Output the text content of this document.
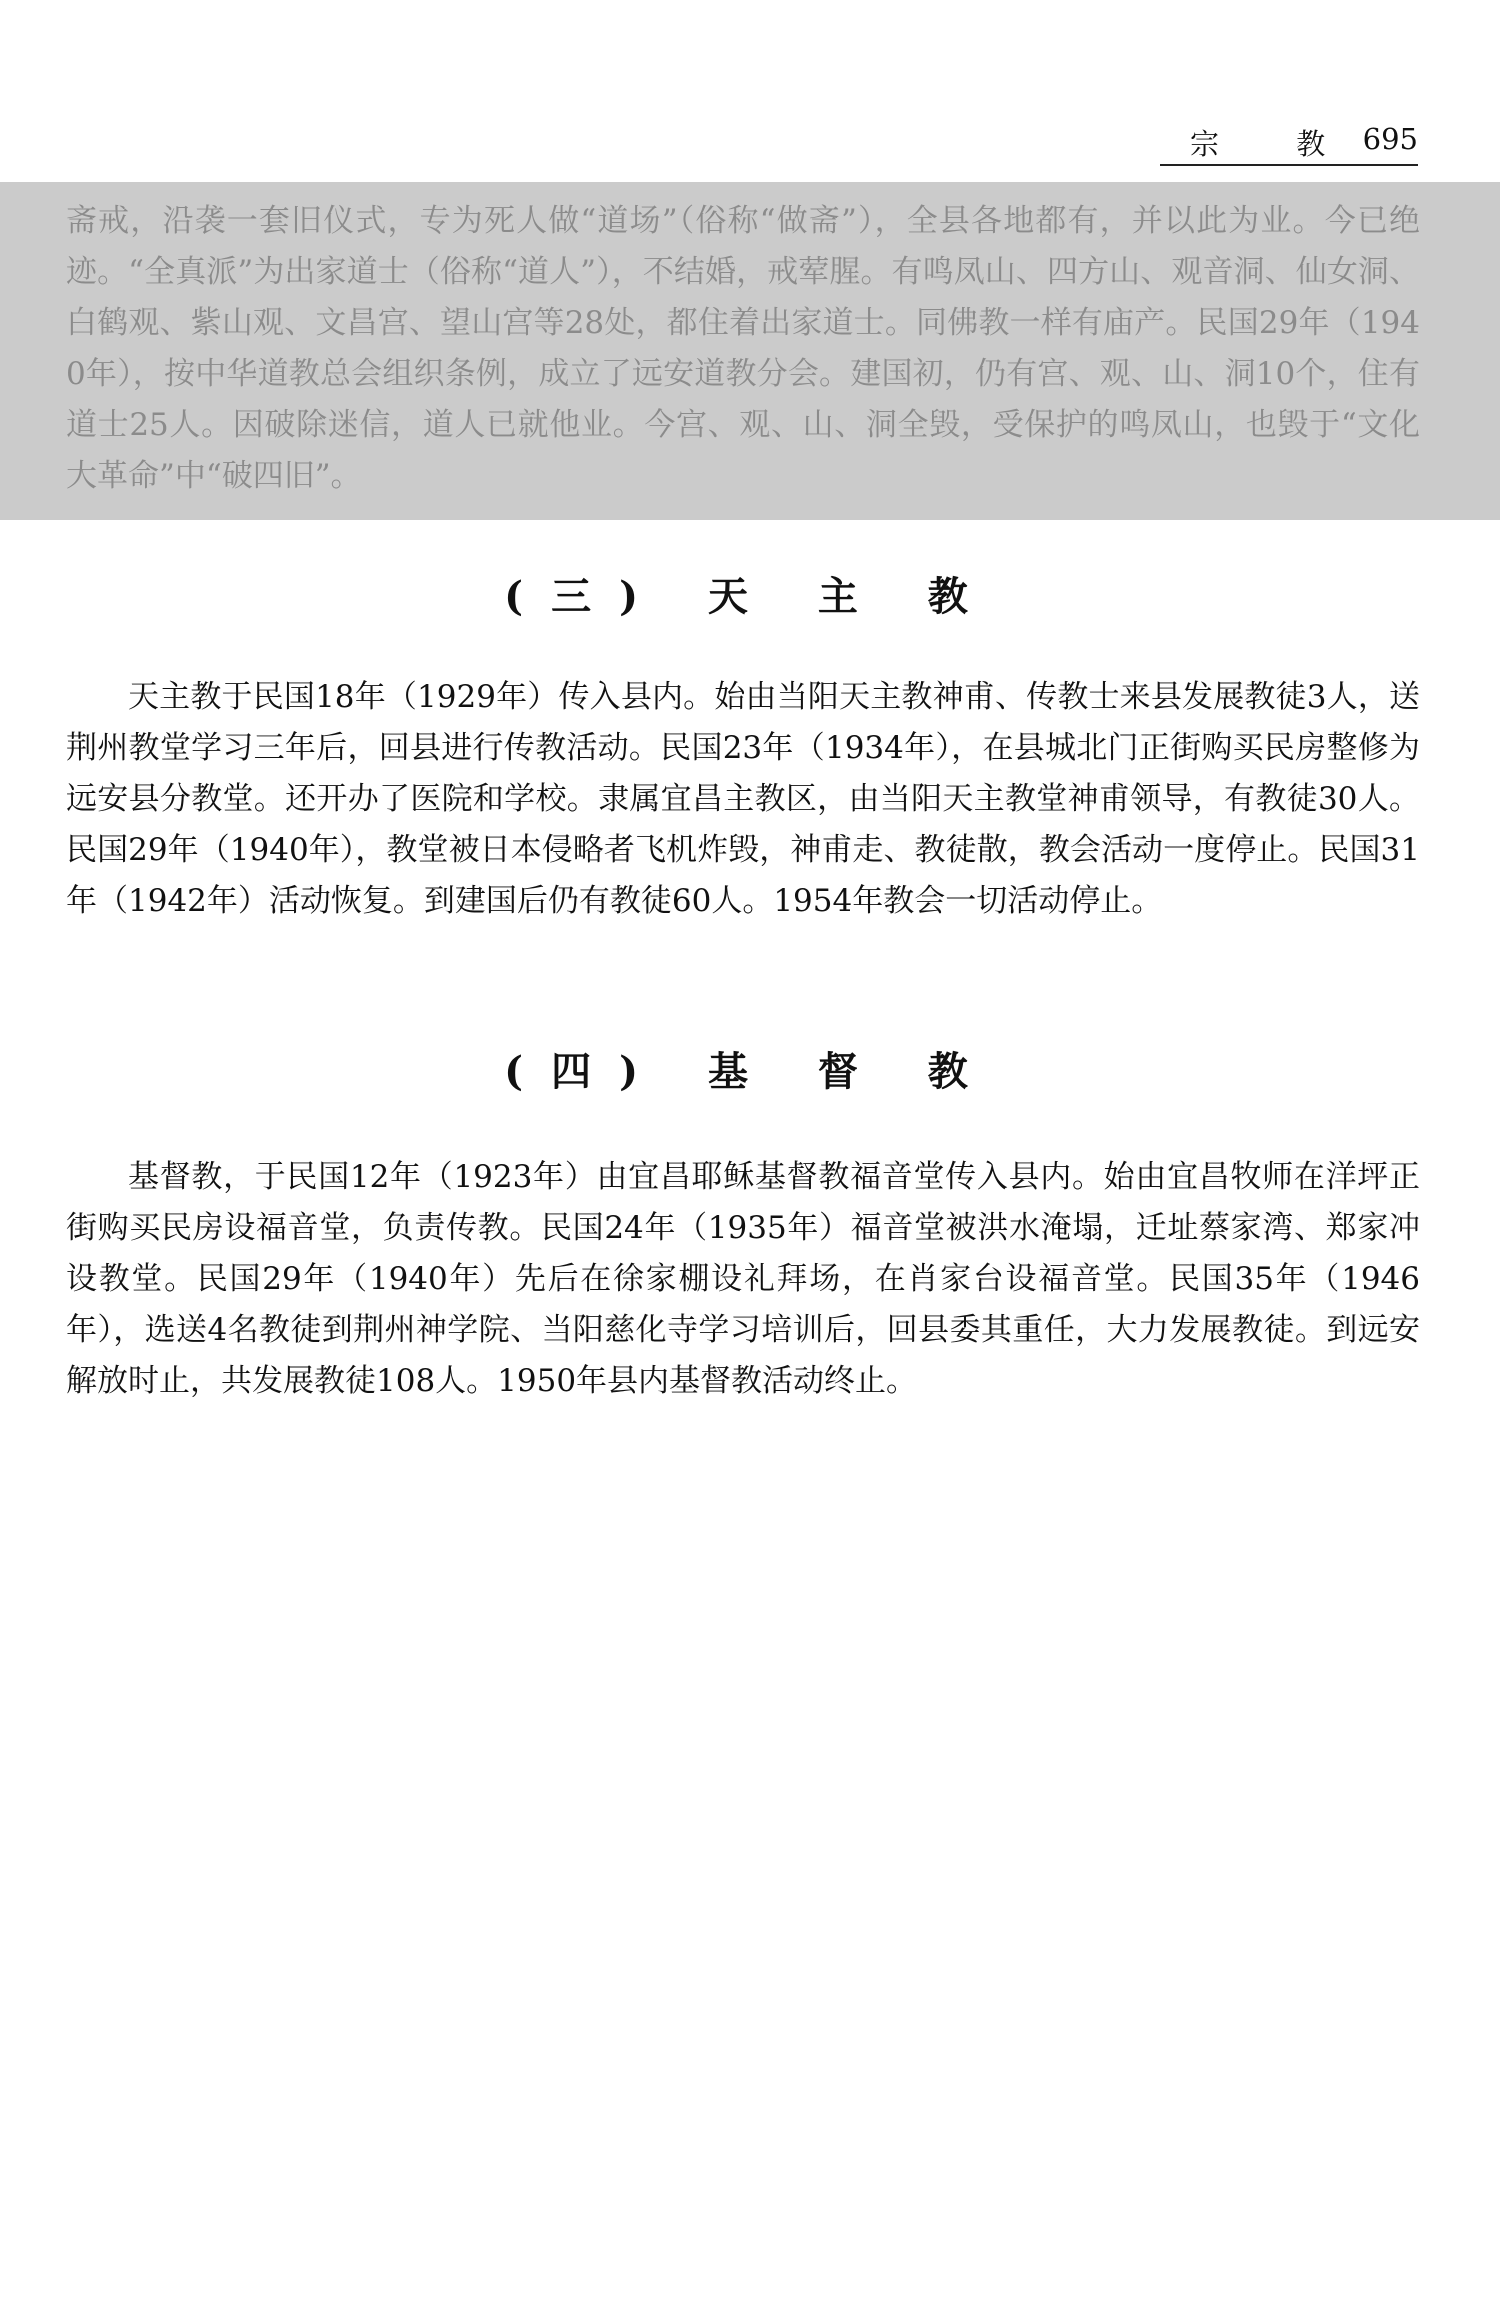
宗 教 695

斋戒，沿袭一套旧仪式，专为死人做“道场”（俗称“做斋”），全县各地都有，并以此为业。今已绝迹。“全真派”为出家道士（俗称“道人”），不结婚，戒荤腥。有鸣凤山、四方山、观音洞、仙女洞、白鹤观、紫山观、文昌宫、望山宫等28处，都住着出家道士。同佛教一样有庙产。民国29年（1940年），按中华道教总会组织条例，成立了远安道教分会。建国初，仍有宫、观、山、洞10个，住有道士25人。因破除迷信，道人已就他业。今宫、观、山、洞全毁，受保护的鸣凤山，也毁于“文化大革命”中“破四旧”。

(三) 天 主 教

天主教于民国18年（1929年）传入县内。始由当阳天主教神甫、传教士来县发展教徒3人，送荆州教堂学习三年后，回县进行传教活动。民国23年（1934年），在县城北门正街购买民房整修为远安县分教堂。还开办了医院和学校。隶属宜昌主教区，由当阳天主教堂神甫领导，有教徒30人。民国29年（1940年），教堂被日本侵略者飞机炸毁，神甫走、教徒散，教会活动一度停止。民国31年（1942年）活动恢复。到建国后仍有教徒60人。1954年教会一切活动停止。

(四) 基 督 教

基督教，于民国12年（1923年）由宜昌耶稣基督教福音堂传入县内。始由宜昌牧师在洋坪正街购买民房设福音堂，负责传教。民国24年（1935年）福音堂被洪水淹塌，迁址蔡家湾、郑家冲设教堂。民国29年（1940年）先后在徐家棚设礼拜场，在肖家台设福音堂。民国35年（1946年），选送4名教徒到荆州神学院、当阳慈化寺学习培训后，回县委其重任，大力发展教徒。到远安解放时止，共发展教徒108人。1950年县内基督教活动终止。
